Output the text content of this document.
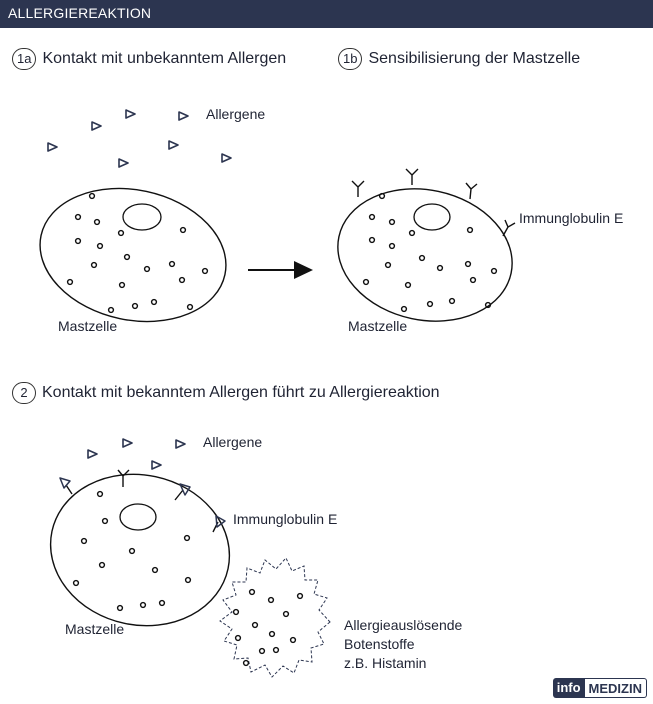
ALLERGIEREAKTION
1a Kontakt mit unbekanntem Allergen	1b Sensibilisierung der Mastzelle
2 Kontakt mit bekanntem Allergen führt zu Allergiereaktion
Allergene
Mastzelle
Immunglobulin E
Mastzelle
Allergene
Immunglobulin E
Mastzelle	Allergieauslösende
Botenstoffe
z.B. Histamin
info MEDIZIN
